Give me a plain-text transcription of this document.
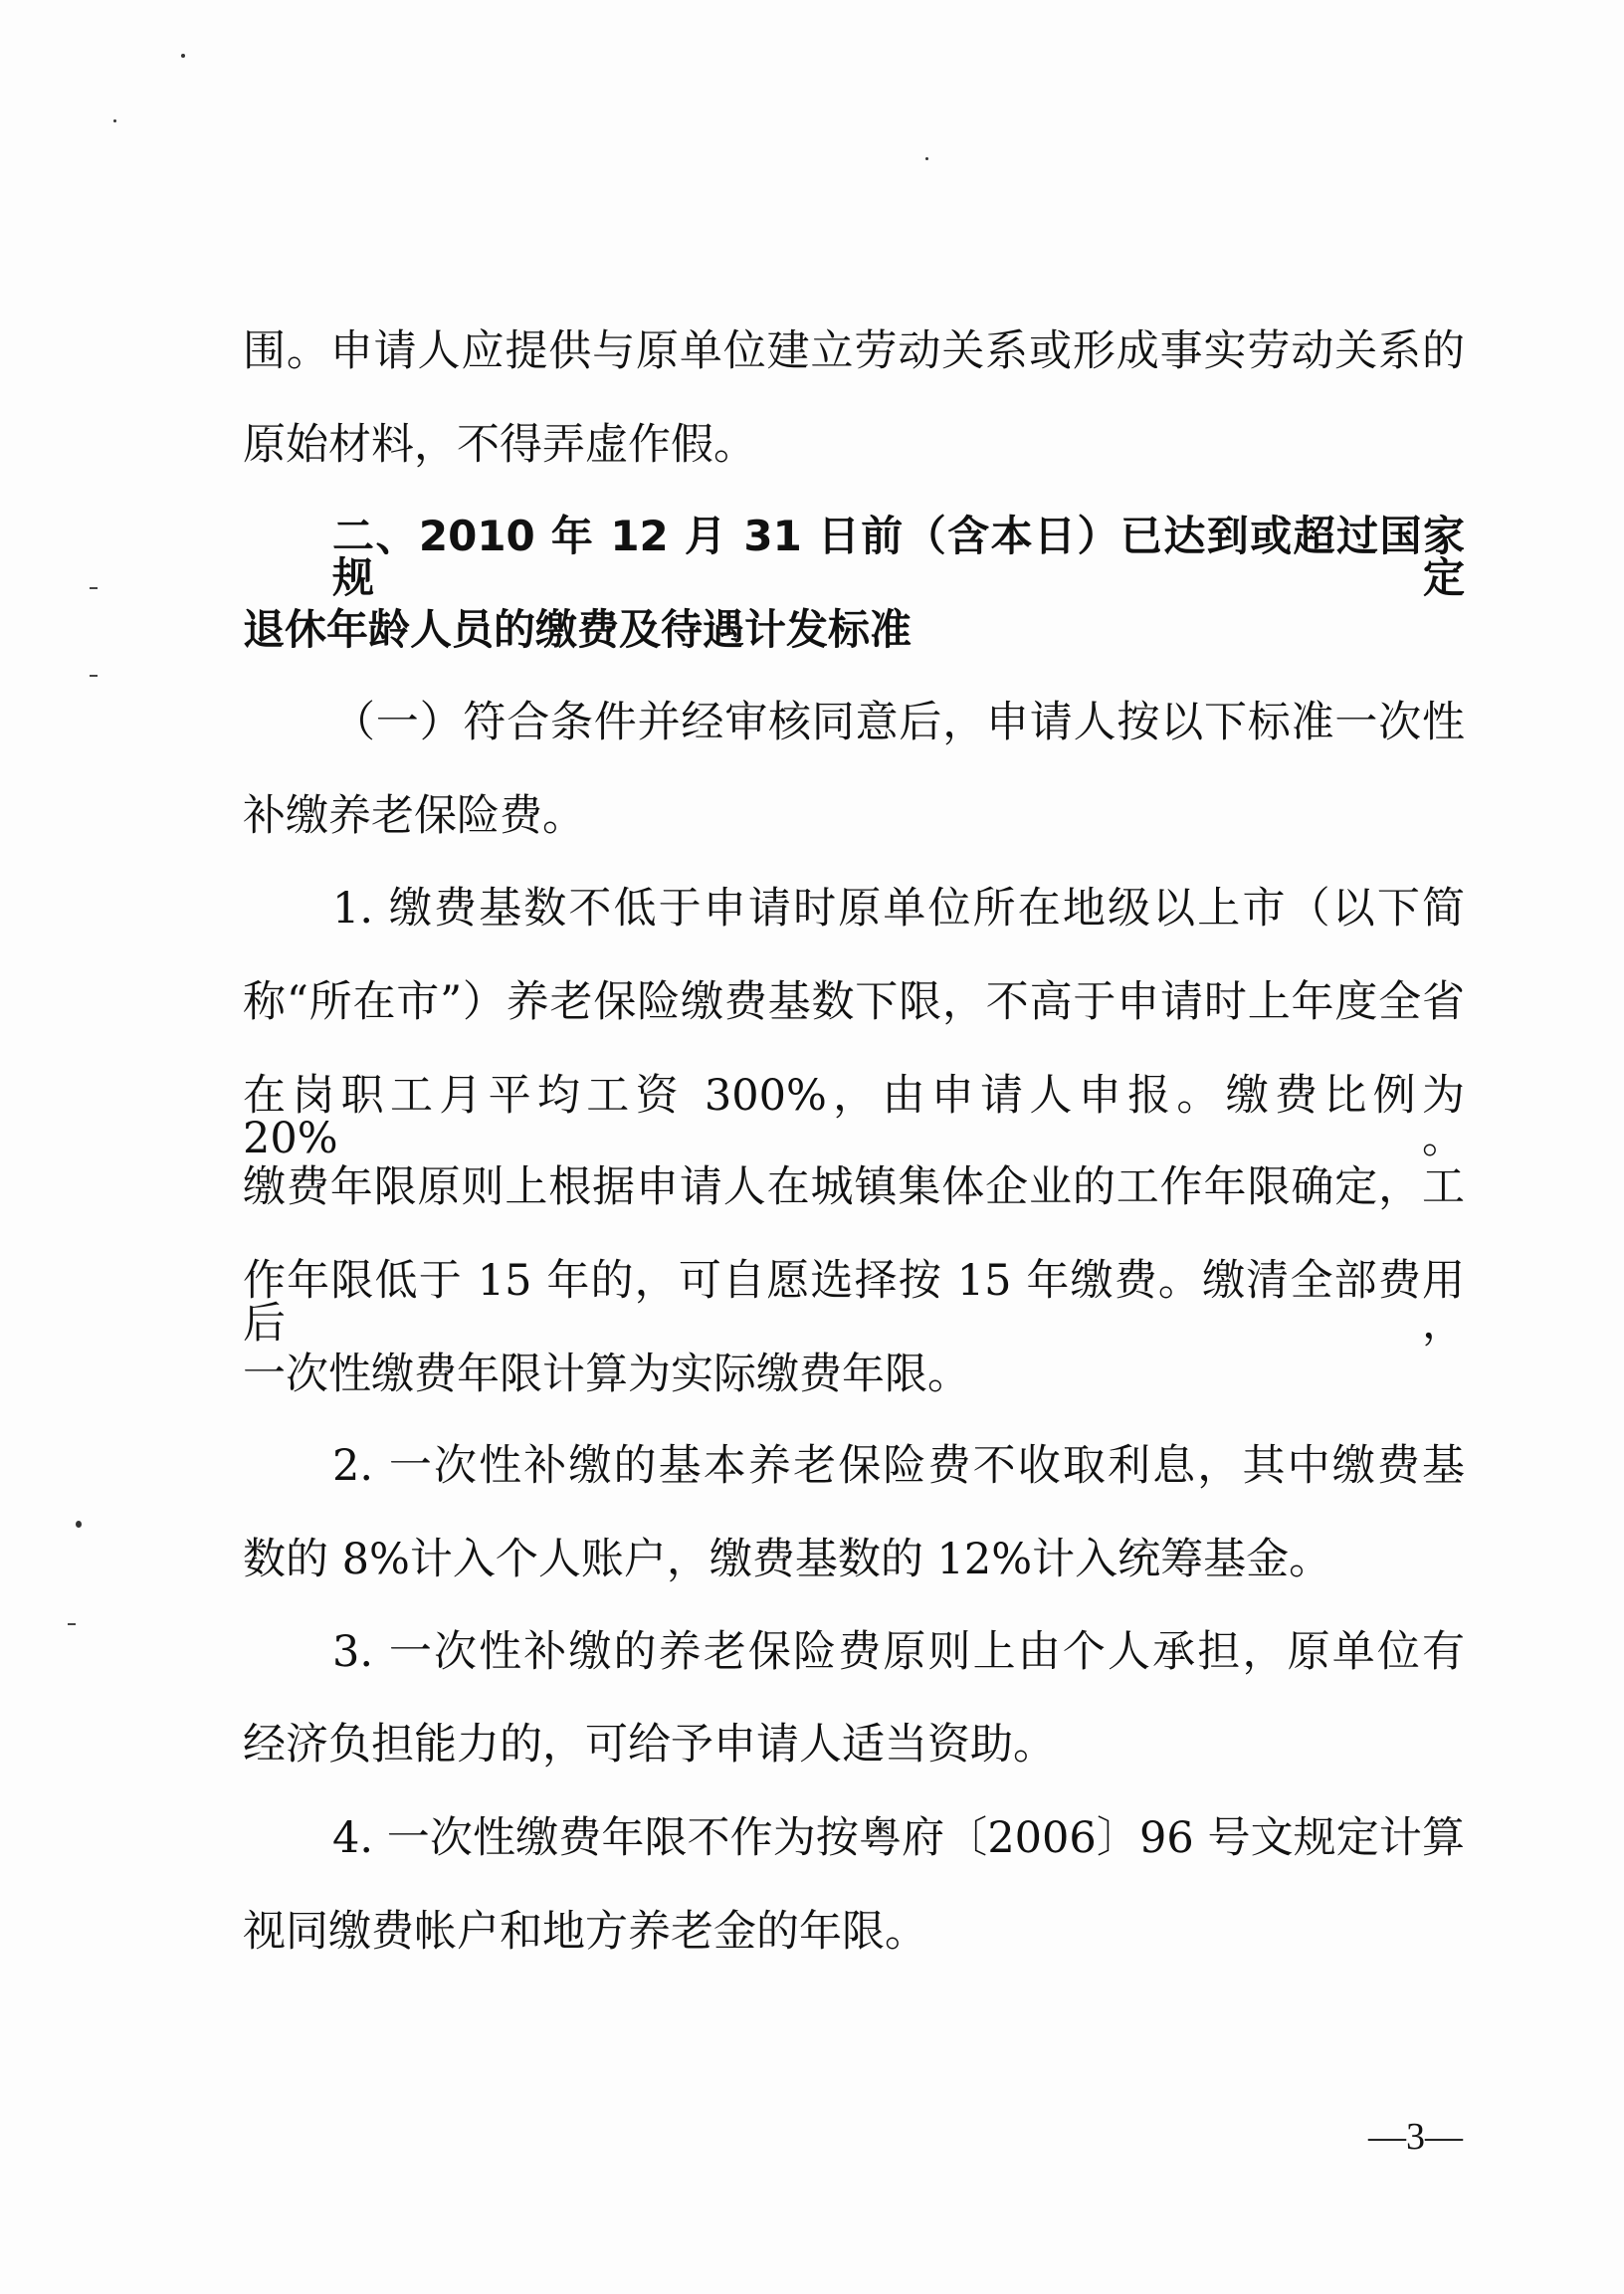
围。申请人应提供与原单位建立劳动关系或形成事实劳动关系的
原始材料，不得弄虚作假。
二、2010 年 12 月 31 日前（含本日）已达到或超过国家规定
退休年龄人员的缴费及待遇计发标准
（一）符合条件并经审核同意后，申请人按以下标准一次性
补缴养老保险费。
1. 缴费基数不低于申请时原单位所在地级以上市（以下简
称“所在市”）养老保险缴费基数下限，不高于申请时上年度全省
在岗职工月平均工资 300%，由申请人申报。缴费比例为 20%。
缴费年限原则上根据申请人在城镇集体企业的工作年限确定，工
作年限低于 15 年的，可自愿选择按 15 年缴费。缴清全部费用后，
一次性缴费年限计算为实际缴费年限。
2. 一次性补缴的基本养老保险费不收取利息，其中缴费基
数的 8%计入个人账户，缴费基数的 12%计入统筹基金。
3. 一次性补缴的养老保险费原则上由个人承担，原单位有
经济负担能力的，可给予申请人适当资助。
4. 一次性缴费年限不作为按粤府〔2006〕96 号文规定计算
视同缴费帐户和地方养老金的年限。
—3—
